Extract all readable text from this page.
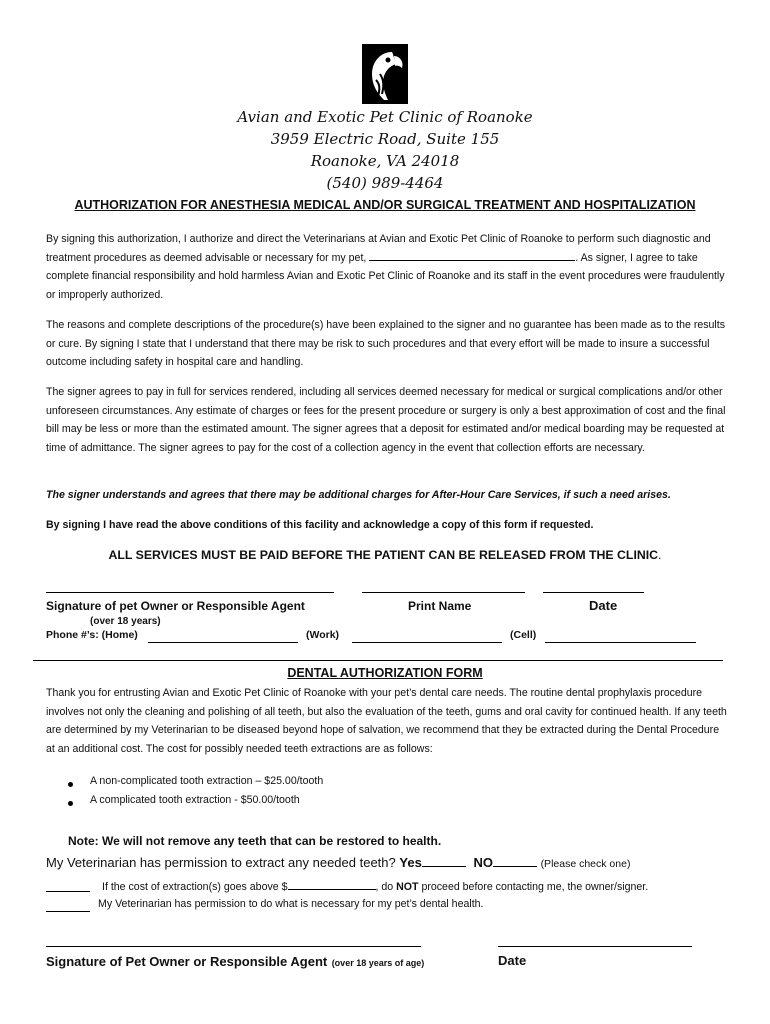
Avian and Exotic Pet Clinic of Roanoke
3959 Electric Road, Suite 155
Roanoke, VA 24018
(540) 989-4464
AUTHORIZATION FOR ANESTHESIA MEDICAL AND/OR SURGICAL TREATMENT AND HOSPITALIZATION
By signing this authorization, I authorize and direct the Veterinarians at Avian and Exotic Pet Clinic of Roanoke to perform such diagnostic and treatment procedures as deemed advisable or necessary for my pet,	. As signer, I agree to take complete financial responsibility and hold harmless Avian and Exotic Pet Clinic of Roanoke and its staff in the event procedures were fraudulently or improperly authorized.
The reasons and complete descriptions of the procedure(s) have been explained to the signer and no guarantee has been made as to the results or cure. By signing I state that I understand that there may be risk to such procedures and that every effort will be made to insure a successful outcome including safety in hospital care and handling.
The signer agrees to pay in full for services rendered, including all services deemed necessary for medical or surgical complications and/or other unforeseen circumstances. Any estimate of charges or fees for the present procedure or surgery is only a best approximation of cost and the final bill may be less or more than the estimated amount. The signer agrees that a deposit for estimated and/or medical boarding may be requested at time of admittance. The signer agrees to pay for the cost of a collection agency in the event that collection efforts are necessary.
The signer understands and agrees that there may be additional charges for After-Hour Care Services, if such a need arises.
By signing I have read the above conditions of this facility and acknowledge a copy of this form if requested.
ALL SERVICES MUST BE PAID BEFORE THE PATIENT CAN BE RELEASED FROM THE CLINIC.
Signature of pet Owner or Responsible Agent	Print Name	Date
(over 18 years)
Phone #’s: (Home)	(Work)	(Cell)
DENTAL AUTHORIZATION FORM
Thank you for entrusting Avian and Exotic Pet Clinic of Roanoke with your pet’s dental care needs. The routine dental prophylaxis procedure involves not only the cleaning and polishing of all teeth, but also the evaluation of the teeth, gums and oral cavity for continued health. If any teeth are determined by my Veterinarian to be diseased beyond hope of salvation, we recommend that they be extracted during the Dental Procedure at an additional cost. The cost for possibly needed teeth extractions are as follows:
A non-complicated tooth extraction – $25.00/tooth
A complicated tooth extraction - $50.00/tooth
Note: We will not remove any teeth that can be restored to health.
My Veterinarian has permission to extract any needed teeth? Yes	NO	(Please check one)
If the cost of extraction(s) goes above $	, do NOT proceed before contacting me, the owner/signer.
My Veterinarian has permission to do what is necessary for my pet’s dental health.
Signature of Pet Owner or Responsible Agent (over 18 years of age)	Date
